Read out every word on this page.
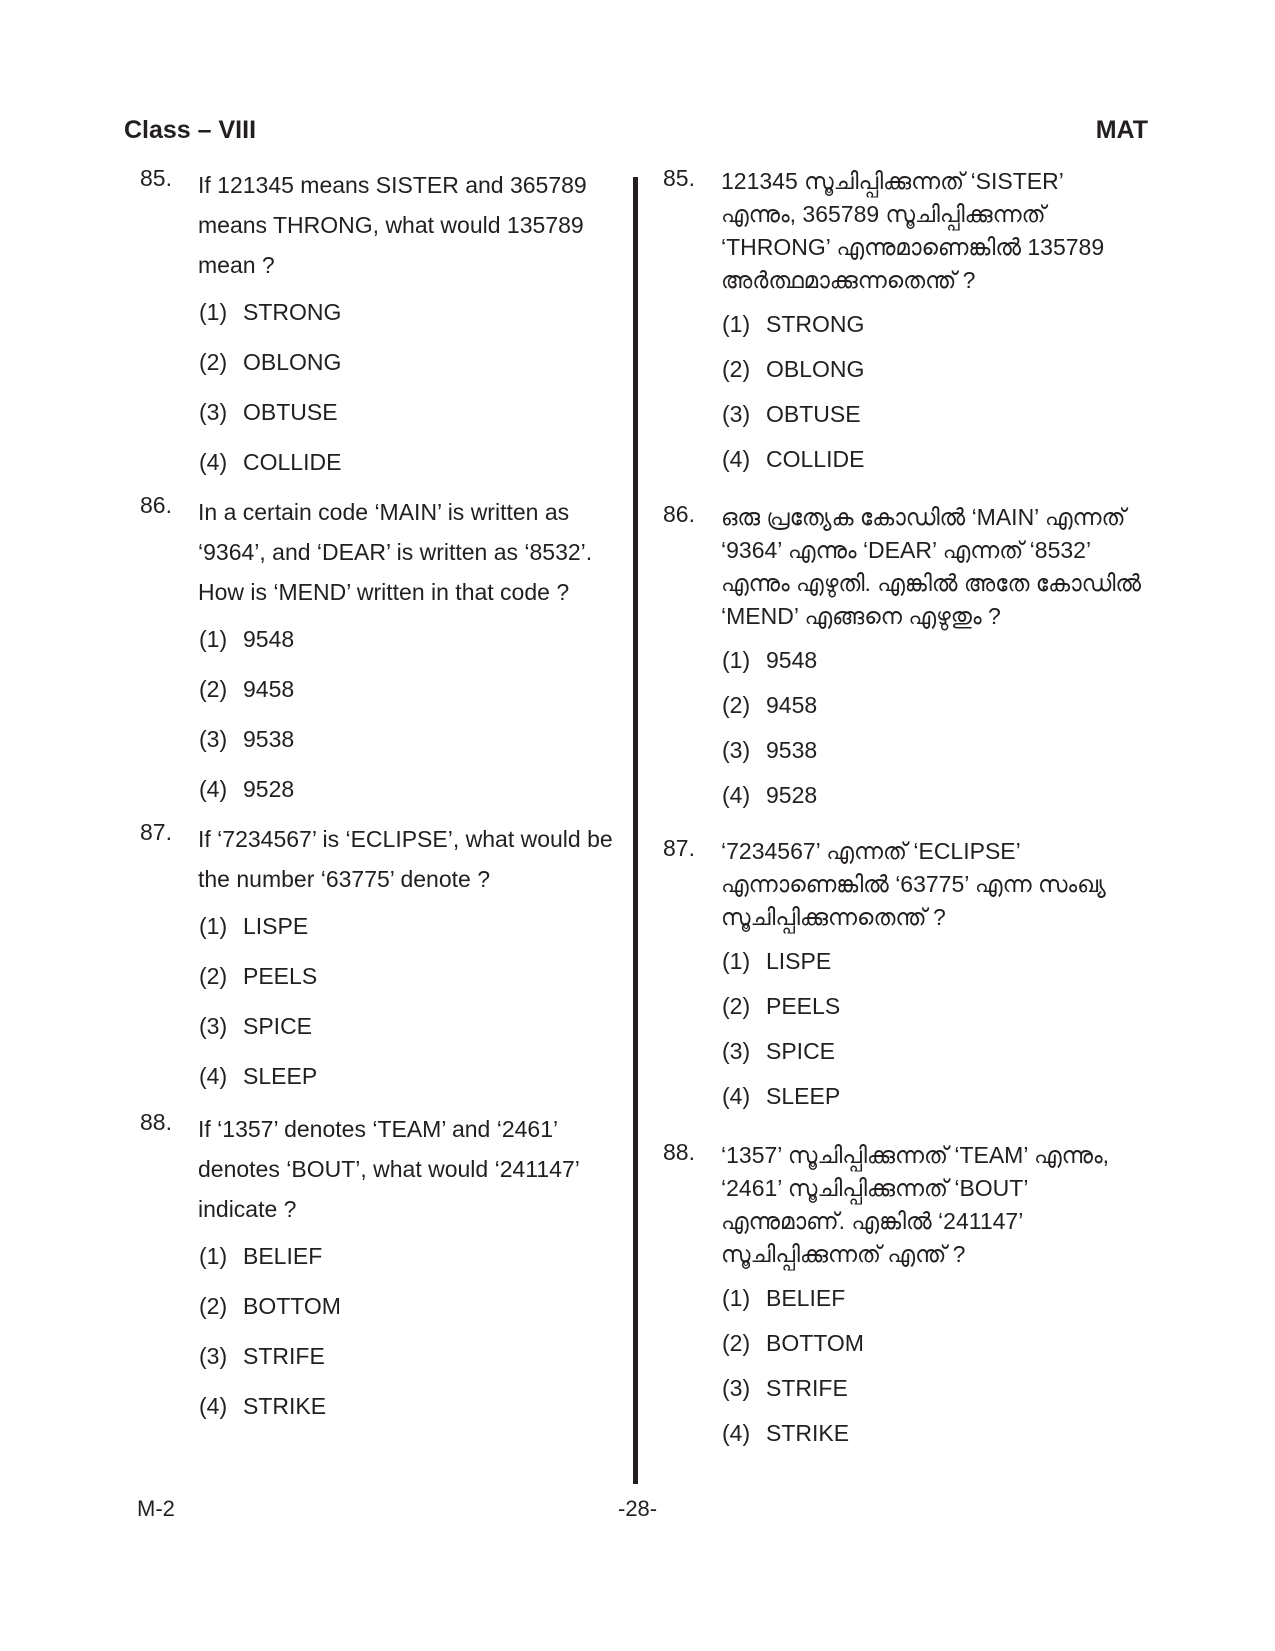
Class – VIII	MAT
85. If 121345 means SISTER and 365789 means THRONG, what would 135789 mean ?
(1) STRONG
(2) OBLONG
(3) OBTUSE
(4) COLLIDE
86. In a certain code ‘MAIN’ is written as ‘9364’, and ‘DEAR’ is written as ‘8532’. How is ‘MEND’ written in that code ?
(1) 9548
(2) 9458
(3) 9538
(4) 9528
87. If ‘7234567’ is ‘ECLIPSE’, what would be the number ‘63775’ denote ?
(1) LISPE
(2) PEELS
(3) SPICE
(4) SLEEP
88. If ‘1357’ denotes ‘TEAM’ and ‘2461’ denotes ‘BOUT’, what would ‘241147’ indicate ?
(1) BELIEF
(2) BOTTOM
(3) STRIFE
(4) STRIKE
85. 121345 സൂചിപ്പിക്കുന്നത് ‘SISTER’ എന്നും, 365789 സൂചിപ്പിക്കുന്നത് ‘THRONG’ എന്നുമാണെങ്കിൽ 135789 അർത്ഥമാക്കുന്നതെന്ത് ?
(1) STRONG
(2) OBLONG
(3) OBTUSE
(4) COLLIDE
86. ഒരു പ്രത്യേക കോഡിൽ ‘MAIN’ എന്നത് ‘9364’ എന്നും ‘DEAR’ എന്നത് ‘8532’ എന്നും എഴുതി. എങ്കിൽ അതേ കോഡിൽ ‘MEND’ എങ്ങനെ എഴുതും ?
(1) 9548
(2) 9458
(3) 9538
(4) 9528
87. ‘7234567’ എന്നത് ‘ECLIPSE’ എന്നാണെങ്കിൽ ‘63775’ എന്ന സംഖ്യ സൂചിപ്പിക്കുന്നതെന്ത് ?
(1) LISPE
(2) PEELS
(3) SPICE
(4) SLEEP
88. ‘1357’ സൂചിപ്പിക്കുന്നത് ‘TEAM’ എന്നും, ‘2461’ സൂചിപ്പിക്കുന്നത് ‘BOUT’ എന്നുമാണ്. എങ്കിൽ ‘241147’ സൂചിപ്പിക്കുന്നത് എന്ത് ?
(1) BELIEF
(2) BOTTOM
(3) STRIFE
(4) STRIKE
M-2	-28-
